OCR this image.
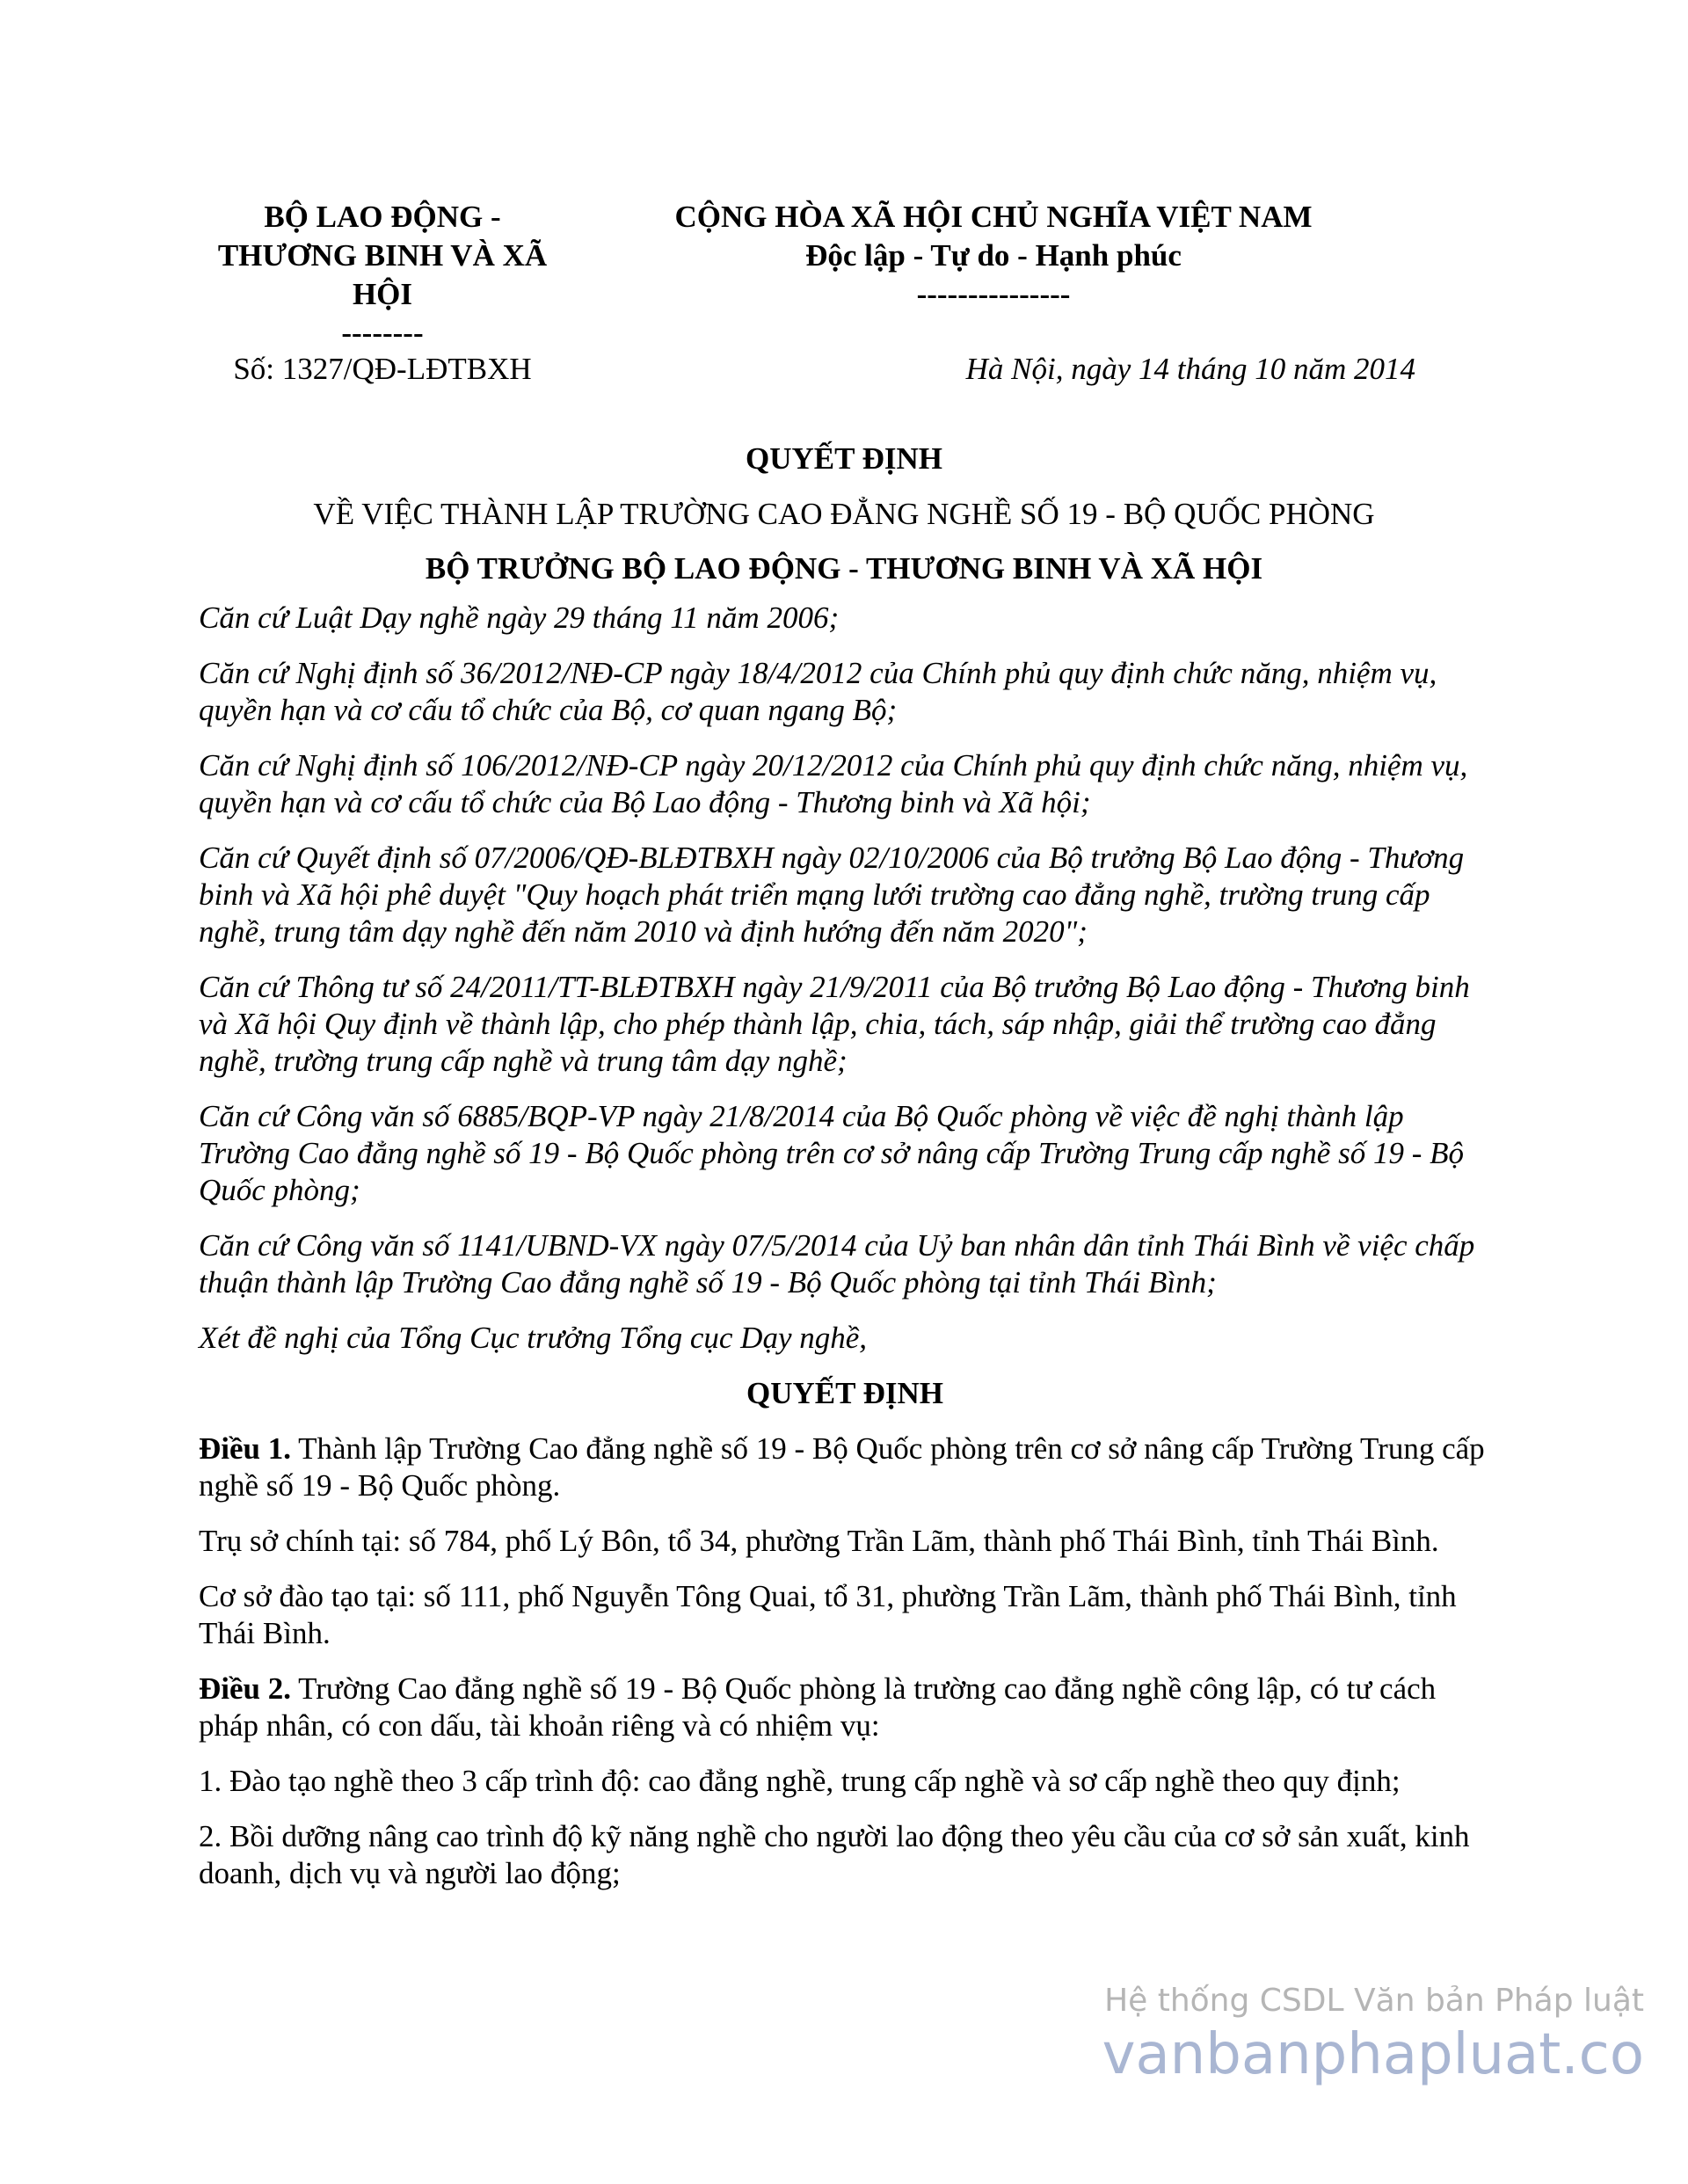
BỘ LAO ĐỘNG -
THƯƠNG BINH VÀ XÃ
HỘI
--------
CỘNG HÒA XÃ HỘI CHỦ NGHĨA VIỆT NAM
Độc lập - Tự do - Hạnh phúc
---------------
Số: 1327/QĐ-LĐTBXH	Hà Nội, ngày 14 tháng 10 năm 2014
QUYẾT ĐỊNH
VỀ VIỆC THÀNH LẬP TRƯỜNG CAO ĐẲNG NGHỀ SỐ 19 - BỘ QUỐC PHÒNG
BỘ TRƯỞNG BỘ LAO ĐỘNG - THƯƠNG BINH VÀ XÃ HỘI

Căn cứ Luật Dạy nghề ngày 29 tháng 11 năm 2006;

Căn cứ Nghị định số 36/2012/NĐ-CP ngày 18/4/2012 của Chính phủ quy định chức năng, nhiệm vụ, quyền hạn và cơ cấu tổ chức của Bộ, cơ quan ngang Bộ;

Căn cứ Nghị định số 106/2012/NĐ-CP ngày 20/12/2012 của Chính phủ quy định chức năng, nhiệm vụ, quyền hạn và cơ cấu tổ chức của Bộ Lao động - Thương binh và Xã hội;

Căn cứ Quyết định số 07/2006/QĐ-BLĐTBXH ngày 02/10/2006 của Bộ trưởng Bộ Lao động - Thương binh và Xã hội phê duyệt "Quy hoạch phát triển mạng lưới trường cao đẳng nghề, trường trung cấp nghề, trung tâm dạy nghề đến năm 2010 và định hướng đến năm 2020";

Căn cứ Thông tư số 24/2011/TT-BLĐTBXH ngày 21/9/2011 của Bộ trưởng Bộ Lao động - Thương binh và Xã hội Quy định về thành lập, cho phép thành lập, chia, tách, sáp nhập, giải thể trường cao đẳng nghề, trường trung cấp nghề và trung tâm dạy nghề;

Căn cứ Công văn số 6885/BQP-VP ngày 21/8/2014 của Bộ Quốc phòng về việc đề nghị thành lập Trường Cao đẳng nghề số 19 - Bộ Quốc phòng trên cơ sở nâng cấp Trường Trung cấp nghề số 19 - Bộ Quốc phòng;

Căn cứ Công văn số 1141/UBND-VX ngày 07/5/2014 của Uỷ ban nhân dân tỉnh Thái Bình về việc chấp thuận thành lập Trường Cao đẳng nghề số 19 - Bộ Quốc phòng tại tỉnh Thái Bình;

Xét đề nghị của Tổng Cục trưởng Tổng cục Dạy nghề,

QUYẾT ĐỊNH

Điều 1. Thành lập Trường Cao đẳng nghề số 19 - Bộ Quốc phòng trên cơ sở nâng cấp Trường Trung cấp nghề số 19 - Bộ Quốc phòng.

Trụ sở chính tại: số 784, phố Lý Bôn, tổ 34, phường Trần Lãm, thành phố Thái Bình, tỉnh Thái Bình.

Cơ sở đào tạo tại: số 111, phố Nguyễn Tông Quai, tổ 31, phường Trần Lãm, thành phố Thái Bình, tỉnh Thái Bình.

Điều 2. Trường Cao đẳng nghề số 19 - Bộ Quốc phòng là trường cao đẳng nghề công lập, có tư cách pháp nhân, có con dấu, tài khoản riêng và có nhiệm vụ:

1. Đào tạo nghề theo 3 cấp trình độ: cao đẳng nghề, trung cấp nghề và sơ cấp nghề theo quy định;

2. Bồi dưỡng nâng cao trình độ kỹ năng nghề cho người lao động theo yêu cầu của cơ sở sản xuất, kinh doanh, dịch vụ và người lao động;

Hệ thống CSDL Văn bản Pháp luật
vanbanphapluat.co
